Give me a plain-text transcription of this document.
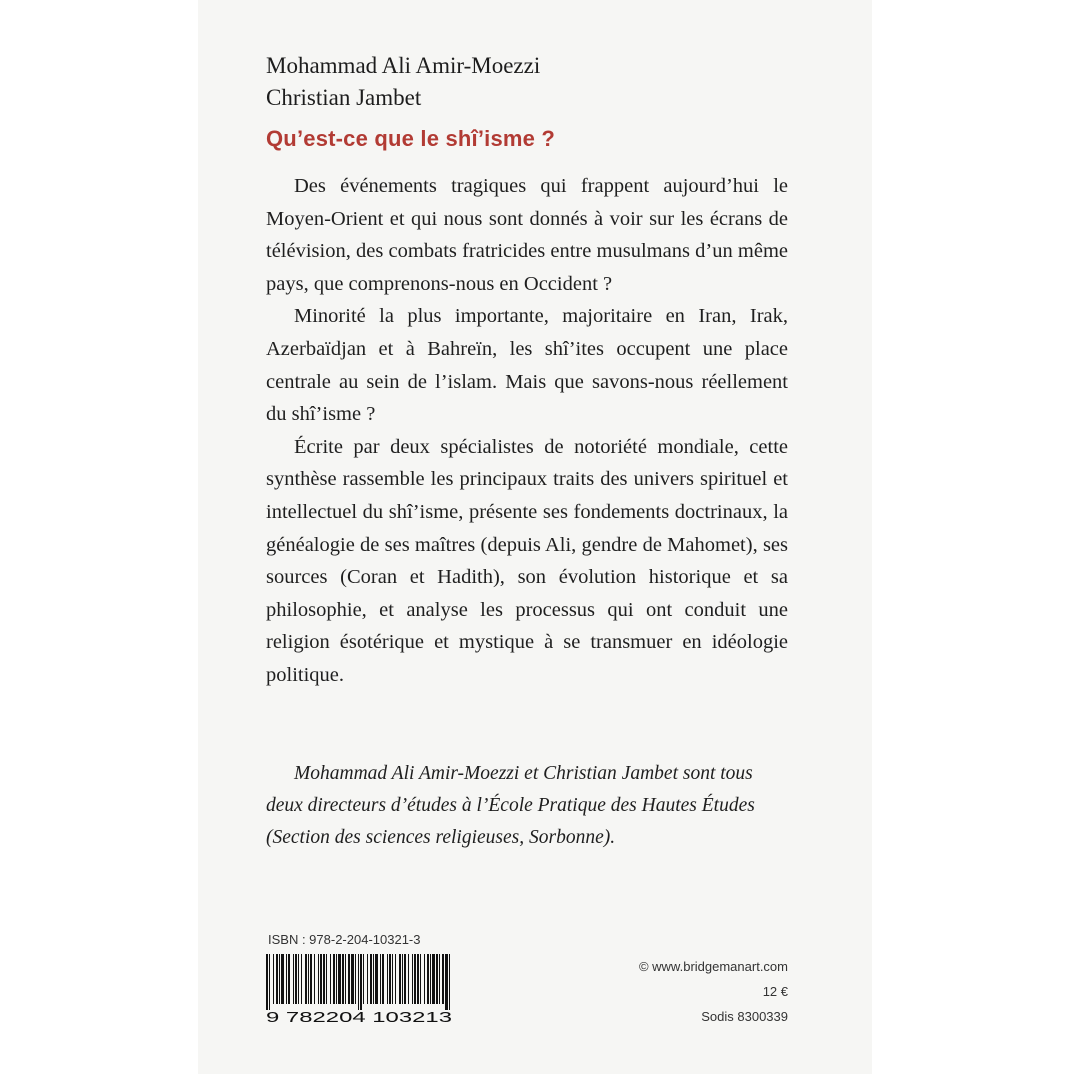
Mohammad Ali Amir-Moezzi
Christian Jambet
Qu’est-ce que le shî’isme ?

Des événements tragiques qui frappent aujourd’hui le Moyen-Orient et qui nous sont donnés à voir sur les écrans de télévision, des combats fratricides entre musulmans d’un même pays, que comprenons-nous en Occident ?

Minorité la plus importante, majoritaire en Iran, Irak, Azerbaïdjan et à Bahreïn, les shî’ites occupent une place centrale au sein de l’islam. Mais que savons-nous réellement du shî’isme ?

Écrite par deux spécialistes de notoriété mondiale, cette synthèse rassemble les principaux traits des univers spirituel et intellectuel du shî’isme, présente ses fondements doctrinaux, la généalogie de ses maîtres (depuis Ali, gendre de Mahomet), ses sources (Coran et Hadith), son évolution historique et sa philosophie, et analyse les processus qui ont conduit une religion ésotérique et mystique à se transmuer en idéologie politique.

Mohammad Ali Amir-Moezzi et Christian Jambet sont tous deux directeurs d’études à l’École Pratique des Hautes Études (Section des sciences religieuses, Sorbonne).

ISBN : 978-2-204-10321-3
9 782204 103213
© www.bridgemanart.com
12 €
Sodis 8300339
